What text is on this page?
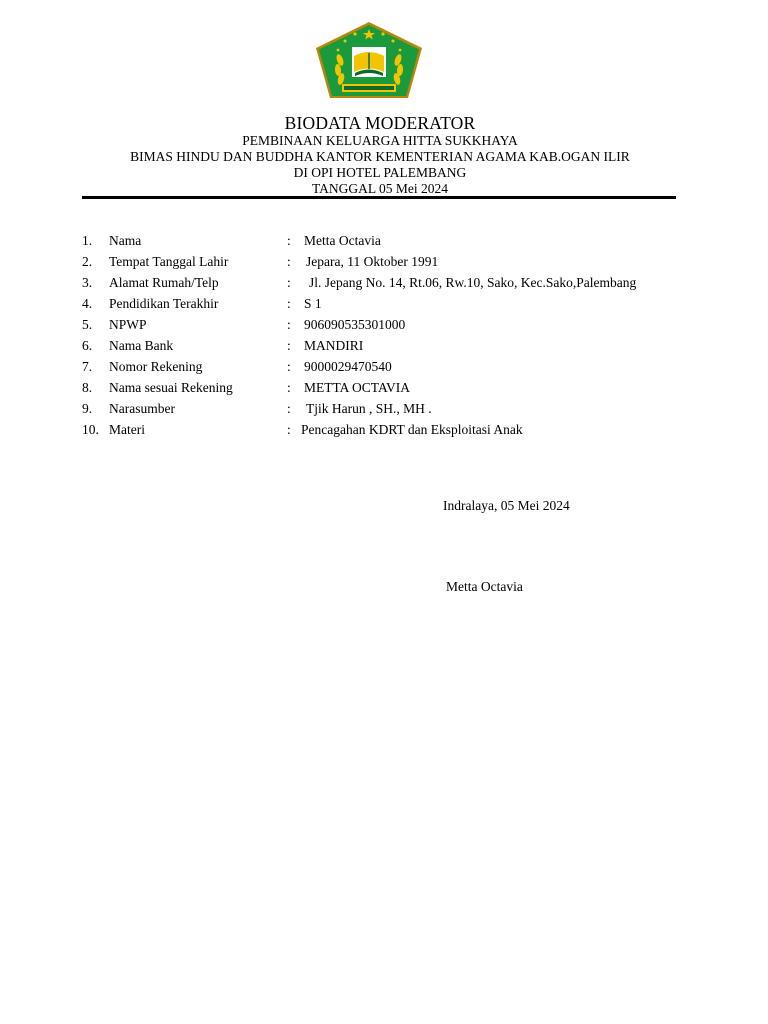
BIODATA MODERATOR
PEMBINAAN KELUARGA HITTA SUKKHAYA
BIMAS HINDU DAN BUDDHA KANTOR KEMENTERIAN AGAMA KAB.OGAN ILIR
DI OPI HOTEL PALEMBANG
TANGGAL 05 Mei 2024
1. Nama	: Metta Octavia
2. Tempat Tanggal Lahir	: Jepara, 11 Oktober 1991
3. Alamat Rumah/Telp	: Jl. Jepang No. 14, Rt.06, Rw.10, Sako, Kec.Sako,Palembang
4. Pendidikan Terakhir	: S 1
5. NPWP	: 906090535301000
6. Nama Bank	: MANDIRI
7. Nomor Rekening	: 9000029470540
8. Nama sesuai Rekening	: METTA OCTAVIA
9. Narasumber	: Tjik Harun , SH., MH .
10. Materi	: Pencagahan KDRT dan Eksploitasi Anak
Indralaya, 05 Mei 2024
Metta Octavia
